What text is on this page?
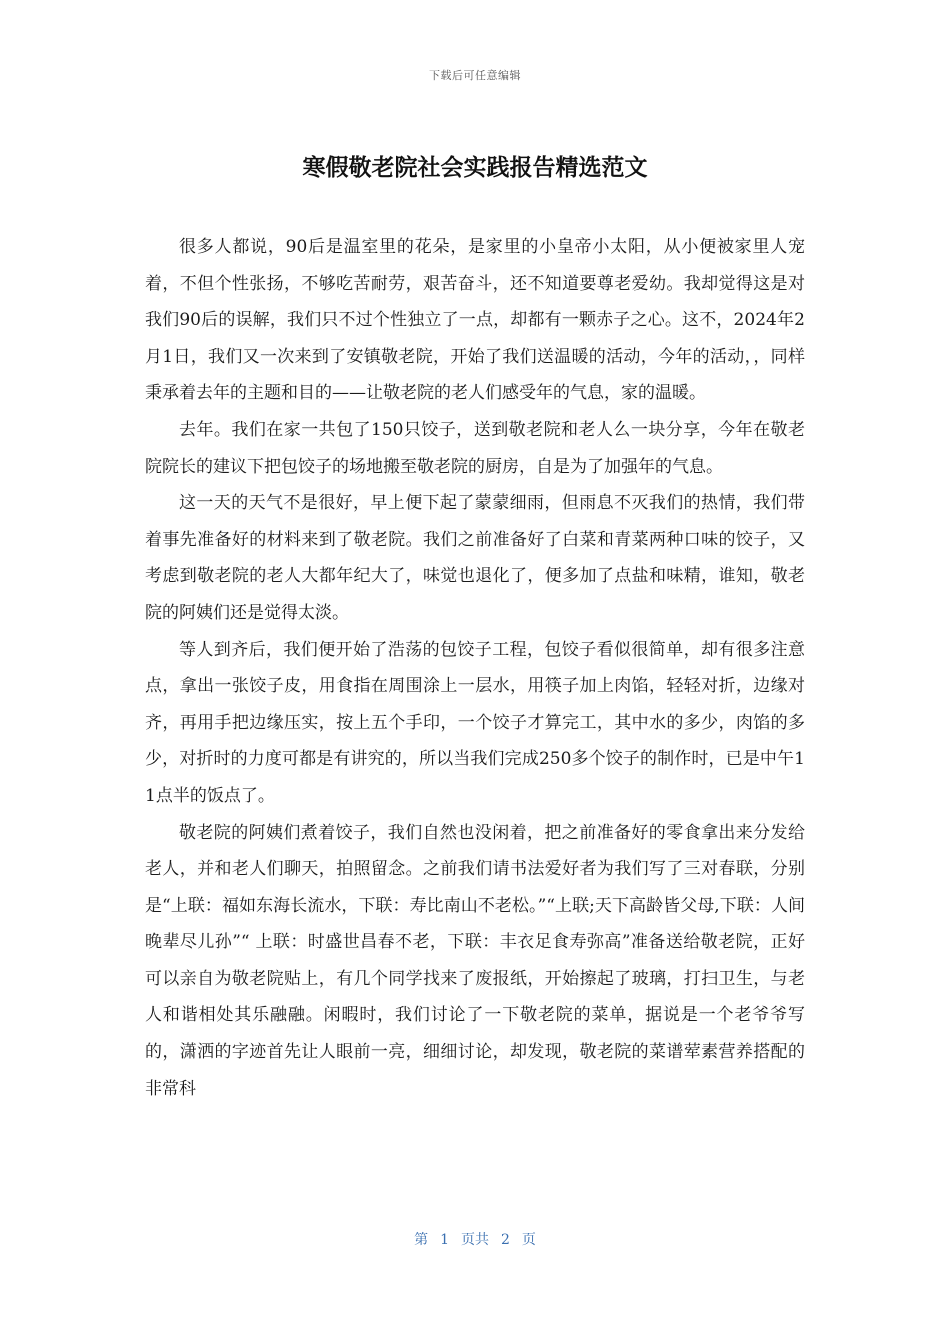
下载后可任意编辑
寒假敬老院社会实践报告精选范文

很多人都说，90后是温室里的花朵，是家里的小皇帝小太阳，从小便被家里人宠着，不但个性张扬，不够吃苦耐劳，艰苦奋斗，还不知道要尊老爱幼。我却觉得这是对我们90后的误解，我们只不过个性独立了一点，却都有一颗赤子之心。这不，2024年2月1日，我们又一次来到了安镇敬老院，开始了我们送温暖的活动，今年的活动，，同样秉承着去年的主题和目的——让敬老院的老人们感受年的气息，家的温暖。

去年。我们在家一共包了150只饺子，送到敬老院和老人么一块分享，今年在敬老院院长的建议下把包饺子的场地搬至敬老院的厨房，自是为了加强年的气息。

这一天的天气不是很好，早上便下起了蒙蒙细雨，但雨息不灭我们的热情，我们带着事先准备好的材料来到了敬老院。我们之前准备好了白菜和青菜两种口味的饺子，又考虑到敬老院的老人大都年纪大了，味觉也退化了，便多加了点盐和味精，谁知，敬老院的阿姨们还是觉得太淡。

等人到齐后，我们便开始了浩荡的包饺子工程，包饺子看似很简单，却有很多注意点，拿出一张饺子皮，用食指在周围涂上一层水，用筷子加上肉馅，轻轻对折，边缘对齐，再用手把边缘压实，按上五个手印，一个饺子才算完工，其中水的多少，肉馅的多少，对折时的力度可都是有讲究的，所以当我们完成250多个饺子的制作时，已是中午11点半的饭点了。

敬老院的阿姨们煮着饺子，我们自然也没闲着，把之前准备好的零食拿出来分发给老人，并和老人们聊天，拍照留念。之前我们请书法爱好者为我们写了三对春联，分别是“上联：福如东海长流水，下联：寿比南山不老松。”“上联;天下高龄皆父母,下联：人间晚辈尽儿孙”“ 上联：时盛世昌春不老，下联：丰衣足食寿弥高”准备送给敬老院，正好可以亲自为敬老院贴上，有几个同学找来了废报纸，开始擦起了玻璃，打扫卫生，与老人和谐相处其乐融融。闲暇时，我们讨论了一下敬老院的菜单，据说是一个老爷爷写的，潇洒的字迹首先让人眼前一亮，细细讨论，却发现，敬老院的菜谱荤素营养搭配的非常科

第 1 页共 2 页
